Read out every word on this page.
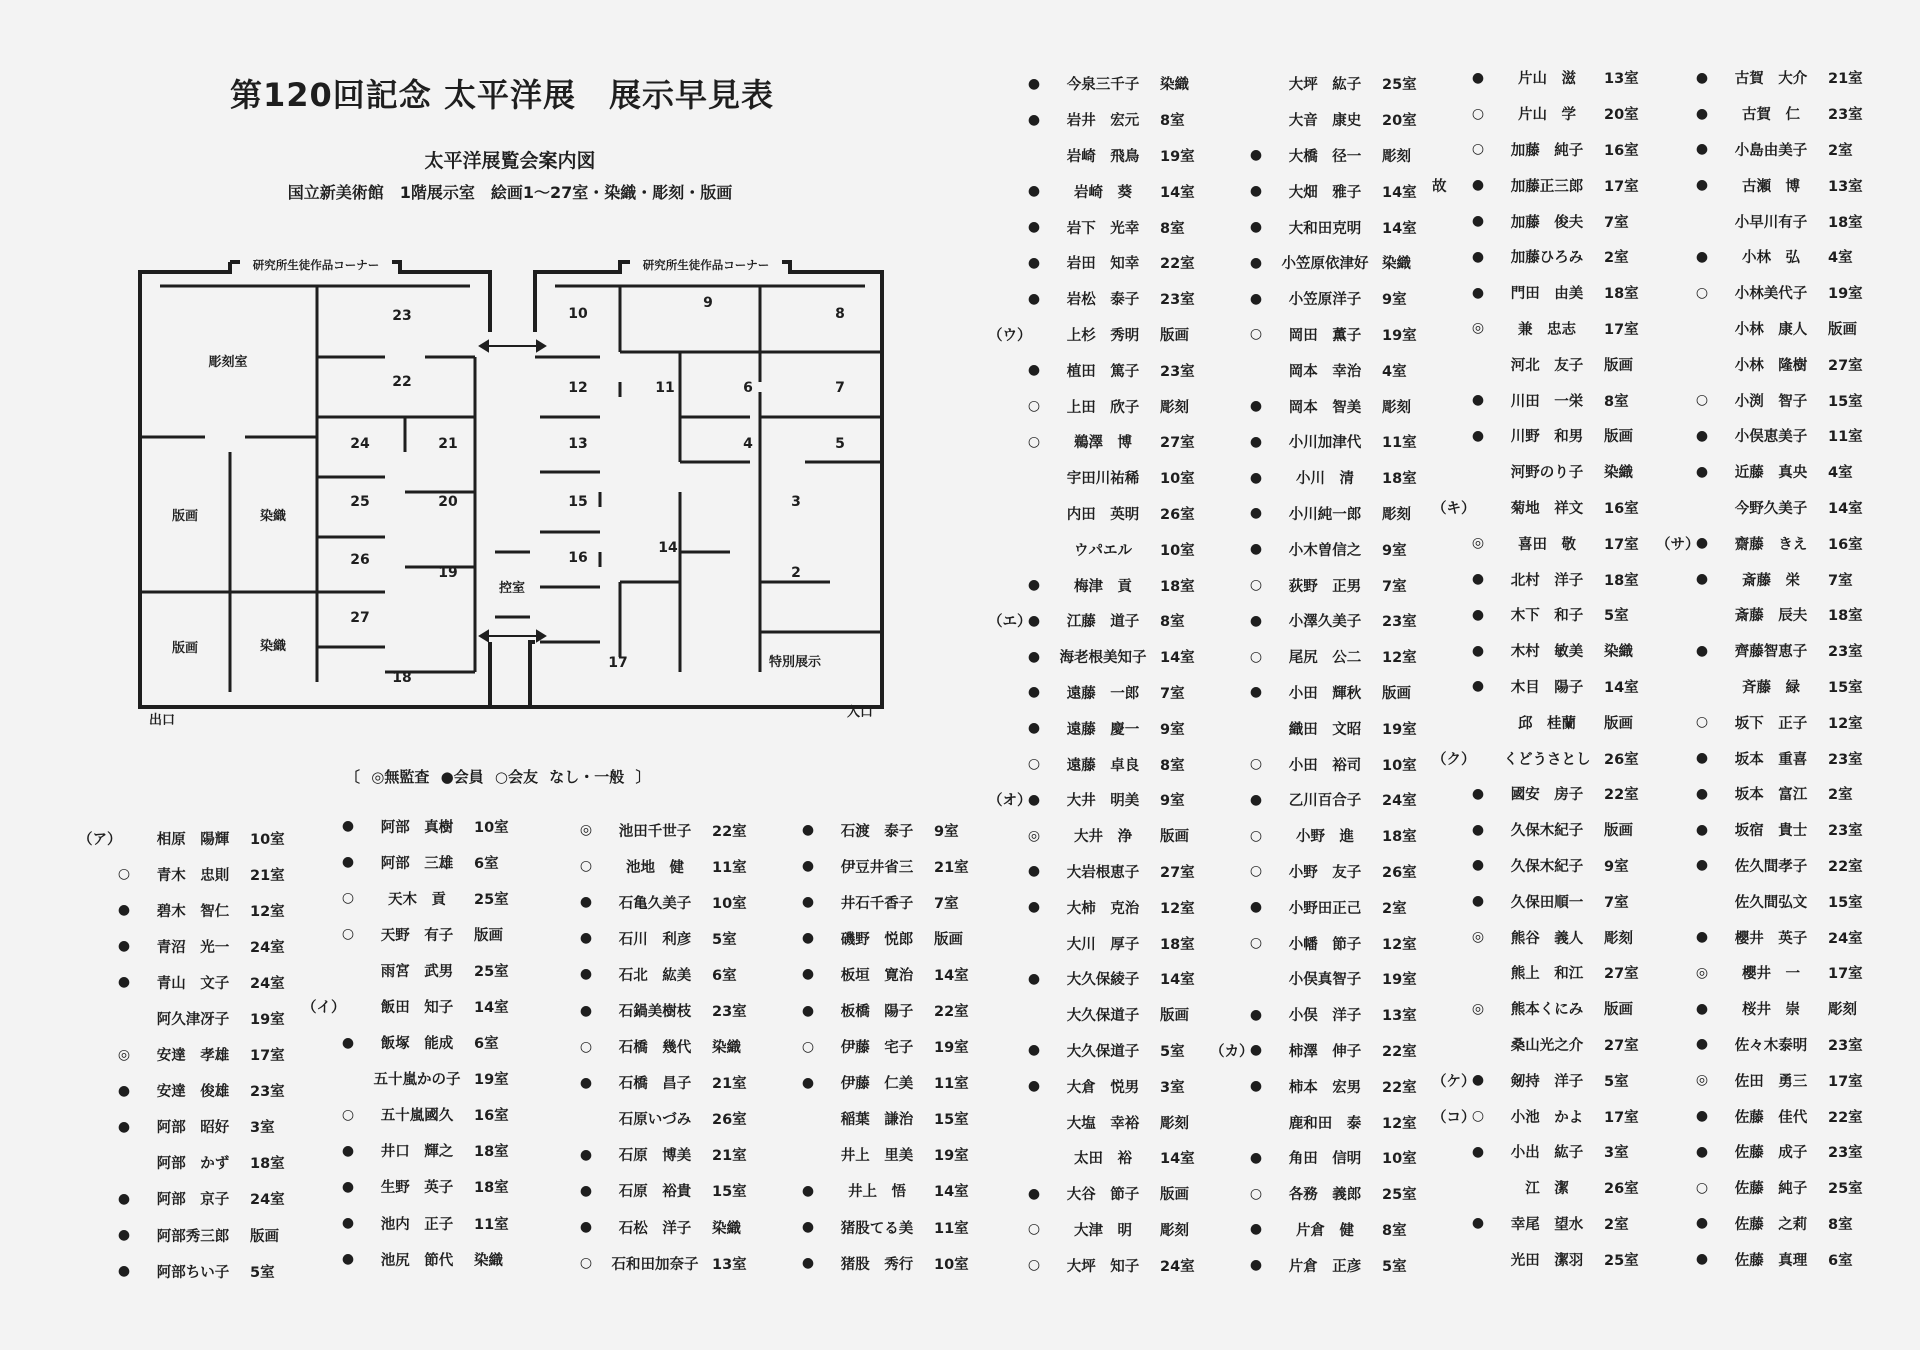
第120回記念 太平洋展　展示早見表
太平洋展覧会案内図
国立新美術館　1階展示室　絵画1～27室・染織・彫刻・版画
研究所生徒作品コーナー	研究所生徒作品コーナー
彫刻室
版画
版画
染織
染織
控室
特別展示
出口
入口
23
22
24	21
25	20
26
19
27
18
10
12
13
15
16
17
9
11
14
8
6	7
4	5
3
2
〔 ◎無監査 ●会員 ○会友 なし・一般 〕
（ア）	相原　陽輝	10室
○	青木　忠則	21室
●	碧木　智仁	12室
●	青沼　光一	24室
●	青山　文子	24室
阿久津冴子	19室
◎	安達　孝雄	17室
●	安達　俊雄	23室
●	阿部　昭好	3室
阿部　かず	18室
●	阿部　京子	24室
●	阿部秀三郎	版画
●	阿部ちい子	5室
●	阿部　真樹	10室
●	阿部　三雄	6室
○	天木　貢	25室
○	天野　有子	版画
雨宮　武男	25室
（イ）	飯田　知子	14室
●	飯塚　能成	6室
五十嵐かの子 19室
○	五十嵐國久	16室
●	井口　輝之	18室
●	生野　英子	18室
●	池内　正子	11室
●	池尻　節代	染織
◎	池田千世子	22室
○	池地　健	11室
●	石亀久美子	10室
●	石川　利彦	5室
●	石北　紘美	6室
●	石鍋美樹枝	23室
○	石橋　幾代	染織
●	石橋　昌子	21室
石原いづみ	26室
●	石原　博美	21室
●	石原　裕貴	15室
●	石松　洋子	染織
○	石和田加奈子 13室
●	石渡　泰子	9室
●	伊豆井省三	21室
●	井石千香子	7室
●	磯野　悦郎	版画
●	板垣　寛治	14室
●	板橋　陽子	22室
○	伊藤　宅子	19室
●	伊藤　仁美	11室
稲葉　謙治	15室
井上　里美	19室
●	井上　悟	14室
●	猪股てる美	11室
●	猪股　秀行	10室
●	今泉三千子	染織
●	岩井　宏元	8室
岩崎　飛鳥	19室
●	岩崎　葵	14室
●	岩下　光幸	8室
●	岩田　知幸	22室
●	岩松　泰子	23室
（ウ）	上杉　秀明	版画
●	植田　篤子	23室
○	上田　欣子	彫刻
○	鵜澤　博	27室
宇田川祐稀	10室
内田　英明	26室
ウパエル	10室
●	梅津　貢	18室
（エ）
●	江藤　道子	8室
●	海老根美知子 14室
●	遠藤　一郎	7室
●	遠藤　慶一	9室
○	遠藤　卓良	8室
（オ）
●	大井　明美	9室
◎	大井　浄	版画
●	大岩根恵子	27室
●	大柿　克治	12室
大川　厚子	18室
●	大久保綾子	14室
大久保道子	版画
●	大久保道子	5室
●	大倉　悦男	3室
大塩　幸裕	彫刻
太田　裕	14室
●	大谷　節子	版画
○	大津　明	彫刻
○	大坪　知子	24室
大坪　紘子	25室
大音　康史	20室
●	大橋　径一	彫刻
●	大畑　雅子	14室
●	大和田克明	14室
●	小笠原依津好 染織
●	小笠原洋子	9室
○	岡田　薫子	19室
岡本　幸治	4室
●	岡本　智美	彫刻
●	小川加津代	11室
●	小川　清	18室
●	小川純一郎	彫刻
●	小木曽信之	9室
○	荻野　正男	7室
●	小澤久美子	23室
○	尾尻　公二	12室
●	小田　輝秋	版画
織田　文昭	19室
○	小田　裕司	10室
●	乙川百合子	24室
○	小野　進	18室
○	小野　友子	26室
●	小野田正己	2室
○	小幡　節子	12室
小俣真智子	19室
●	小俣　洋子	13室
（カ）
●	柿澤　伸子	22室
●	柿本　宏男	22室
鹿和田　泰	12室
●	角田　信明	10室
○	各務　義郎	25室
●	片倉　健	8室
●	片倉　正彦	5室
●	片山　滋	13室
○	片山　学	20室
○	加藤　純子	16室
故	●	加藤正三郎	17室
●	加藤　俊夫	7室
●	加藤ひろみ	2室
●	門田　由美	18室
◎	兼　忠志	17室
河北　友子	版画
●	川田　一栄	8室
●	川野　和男	版画
河野のり子	染織
（キ）	菊地　祥文	16室
◎	喜田　敬	17室
●	北村　洋子	18室
●	木下　和子	5室
●	木村　敏美	染織
●	木目　陽子	14室
邱　桂蘭	版画
（ク）	くどうさとし 26室
●	國安　房子	22室
●	久保木紀子	版画
●	久保木紀子	9室
●	久保田順一	7室
◎	熊谷　義人	彫刻
熊上　和江	27室
◎	熊本くにみ	版画
桑山光之介	27室
（ケ）
●	剱持　洋子	5室
（コ）
○	小池　かよ	17室
●	小出　紘子	3室
江　潔	26室
●	幸尾　望水	2室
光田　潔羽	25室
●	古賀　大介	21室
●	古賀　仁	23室
●	小島由美子	2室
●	古瀬　博	13室
小早川有子	18室
●	小林　弘	4室
○	小林美代子	19室
小林　康人	版画
小林　隆樹	27室
○	小渕　智子	15室
●	小俣恵美子	11室
●	近藤　真央	4室
今野久美子	14室
（サ）
●	齋藤　きえ	16室
●	斎藤　栄	7室
斎藤　辰夫	18室
●	齊藤智恵子	23室
斉藤　緑	15室
○	坂下　正子	12室
●	坂本　重喜	23室
●	坂本　富江	2室
●	坂宿　貴士	23室
●	佐久間孝子	22室
佐久間弘文	15室
●	櫻井　英子	24室
◎	櫻井　一	17室
●	桜井　崇	彫刻
●	佐々木泰明	23室
◎	佐田　勇三	17室
●	佐藤　佳代	22室
●	佐藤　成子	23室
○	佐藤　純子	25室
●	佐藤　之莉	8室
●	佐藤　真理	6室
